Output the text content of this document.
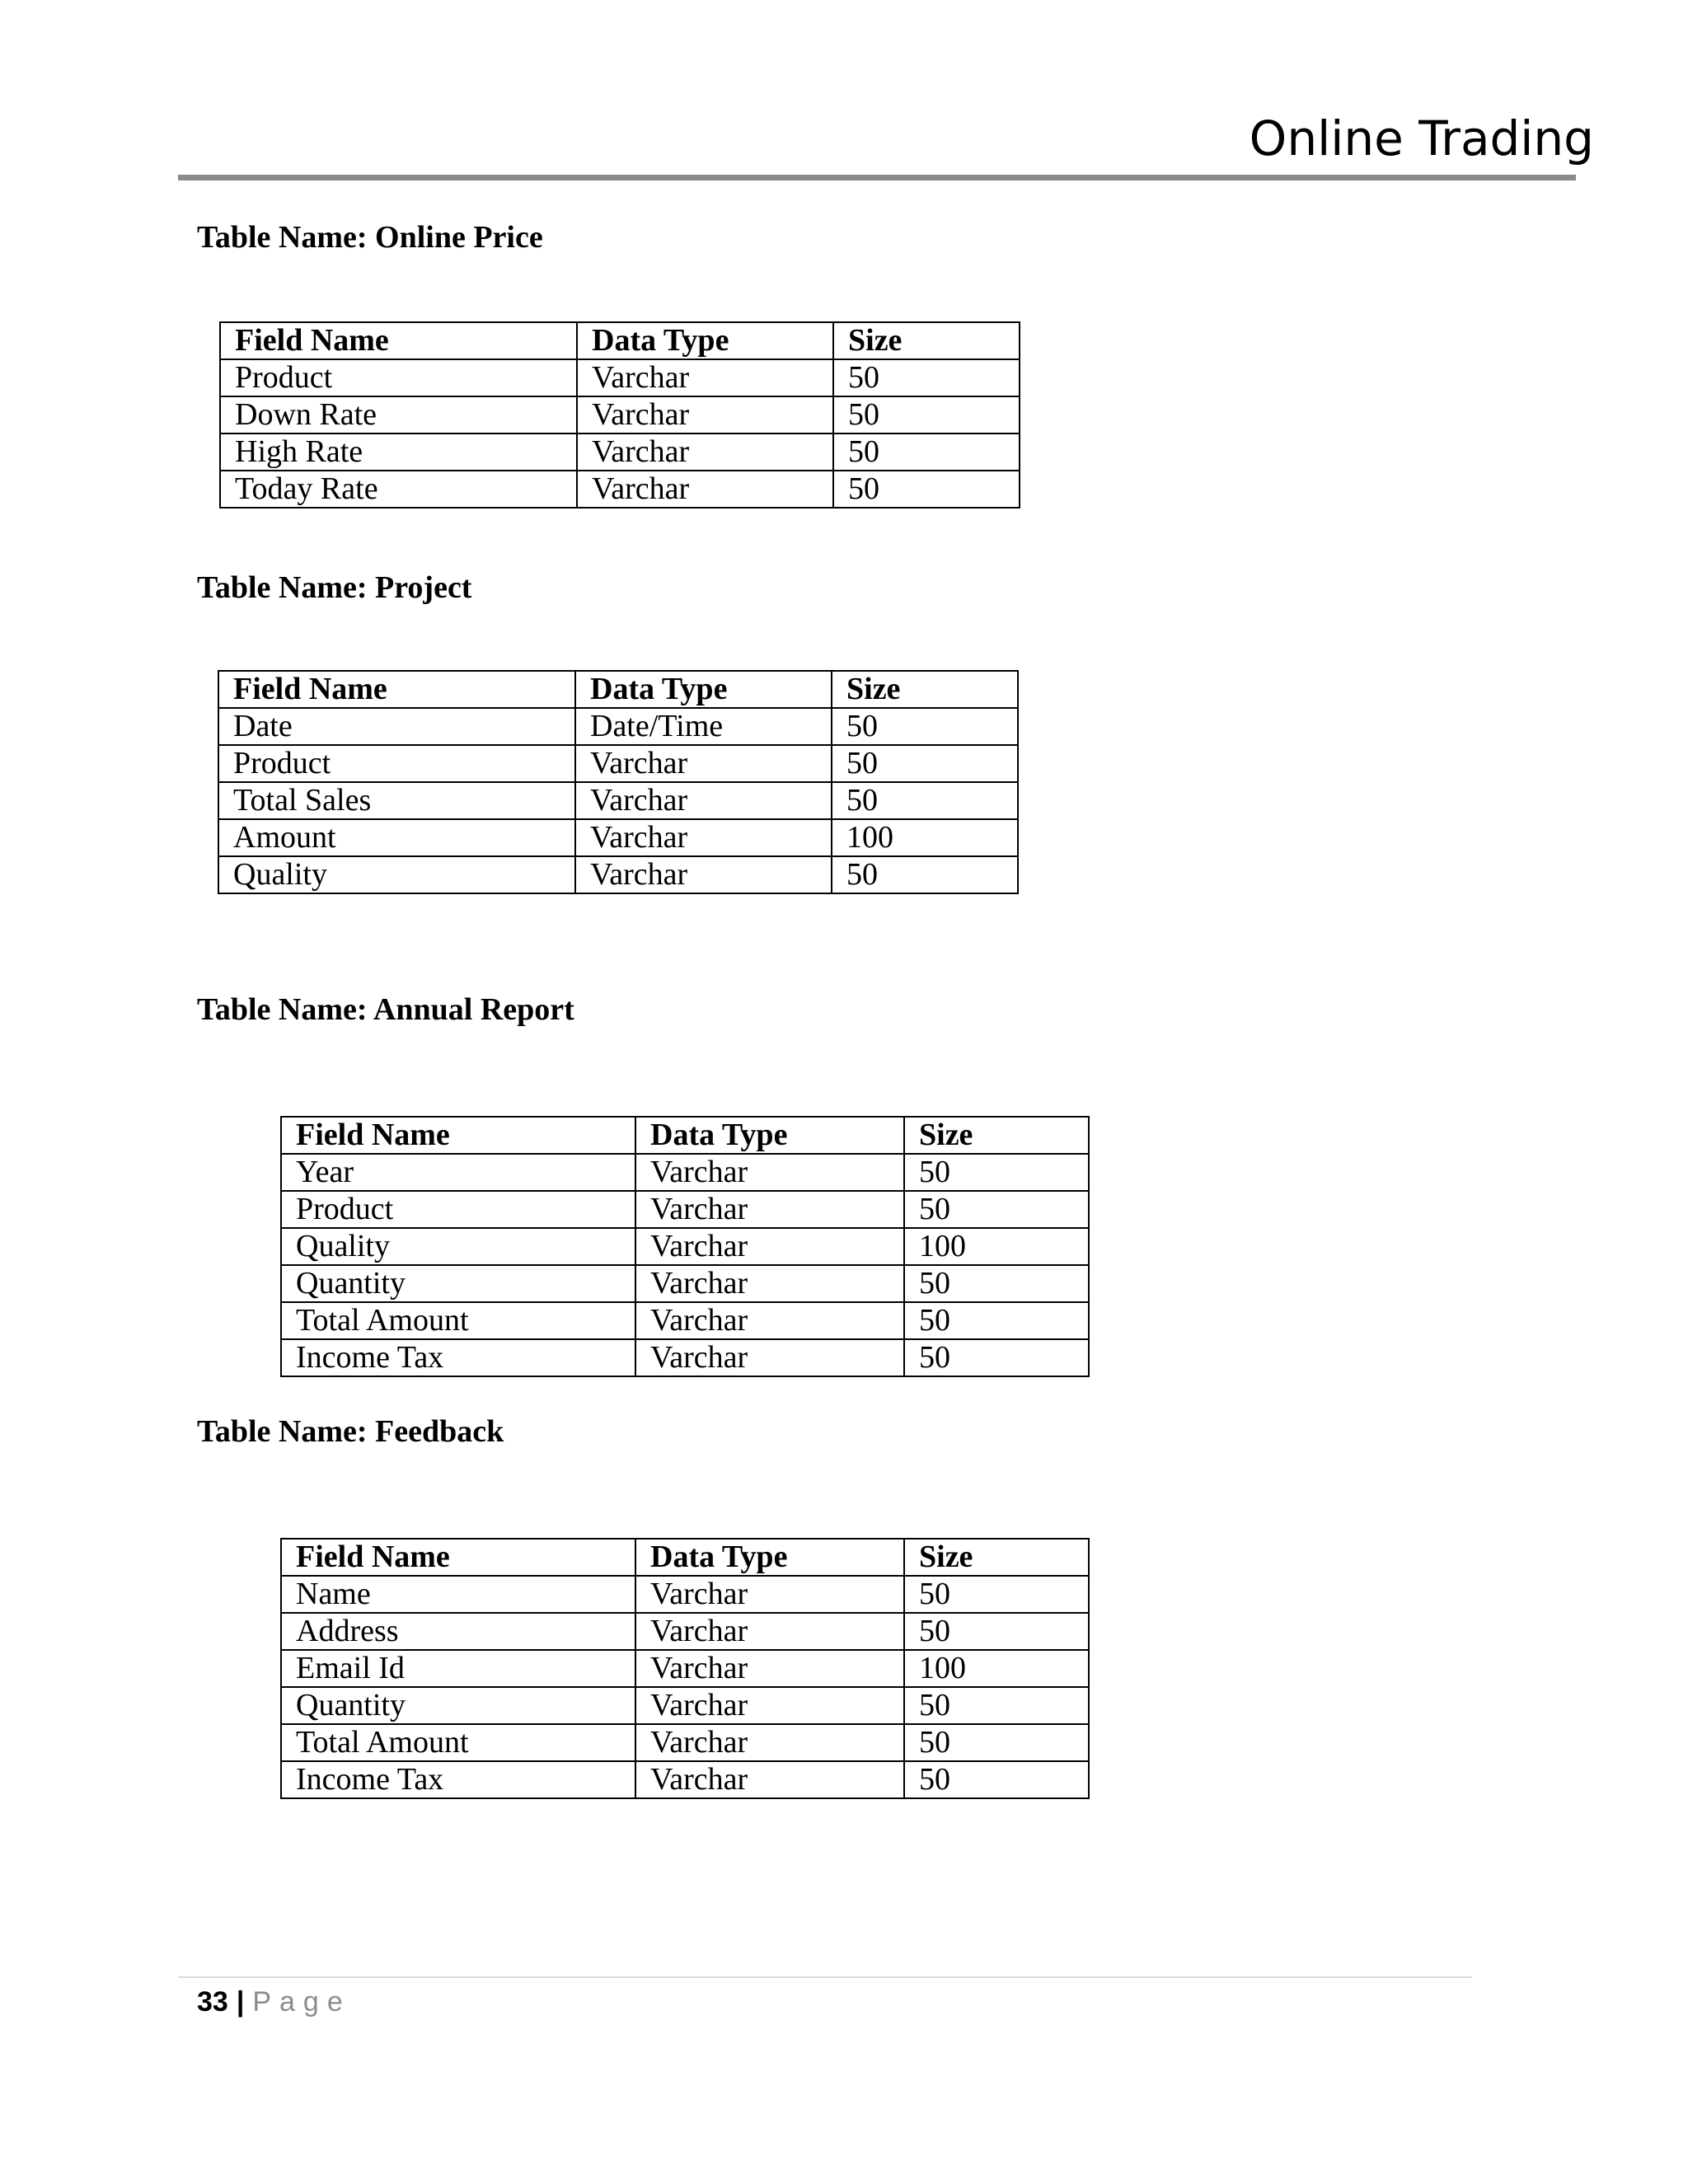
Online Trading
Table Name: Online Price
Field Name	Data Type	Size
Product	Varchar	50
Down Rate	Varchar	50
High Rate	Varchar	50
Today Rate	Varchar	50
Table Name: Project
Field Name	Data Type	Size
Date	Date/Time	50
Product	Varchar	50
Total Sales	Varchar	50
Amount	Varchar	100
Quality	Varchar	50
Table Name: Annual Report
Field Name	Data Type	Size
Year	Varchar	50
Product	Varchar	50
Quality	Varchar	100
Quantity	Varchar	50
Total Amount	Varchar	50
Income Tax	Varchar	50
Table Name: Feedback
Field Name	Data Type	Size
Name	Varchar	50
Address	Varchar	50
Email Id	Varchar	100
Quantity	Varchar	50
Total Amount	Varchar	50
Income Tax	Varchar	50
33 | Page
